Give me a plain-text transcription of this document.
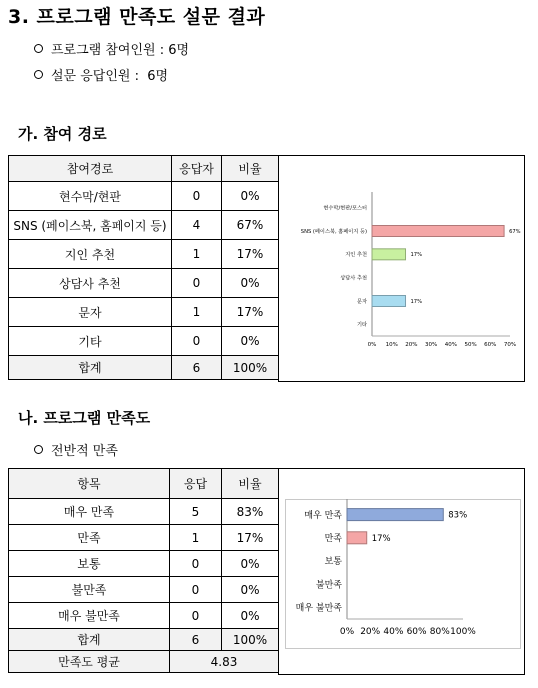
3. 프로그램 만족도 설문 결과
프로그램 참여인원 : 6명
설문 응답인원 :  6명
가. 참여 경로
참여경로	응답자	비율
현수막/현판	0	0%
SNS (페이스북, 홈페이지 등)	4	67%
지인 추천	1	17%
상담사 추천	0	0%
문자	1	17%
기타	0	0%
합계	6	100%
0% 10% 20% 30% 40% 50% 60% 70%
현수막/현판/포스터
SNS (페이스북, 홈페이지 등)	67%
지인 추천	17%
상담사 추천
문자	17%
기타
나. 프로그램 만족도
전반적 만족
항목	응답	비율
매우 만족	5	83%
만족	1	17%
보통	0	0%
불만족	0	0%
매우 불만족	0	0%
합계	6	100%
만족도 평균	4.83	
0% 20% 40% 60% 80% 100%
매우 만족	83%
만족	17%
보통
불만족
매우 불만족
